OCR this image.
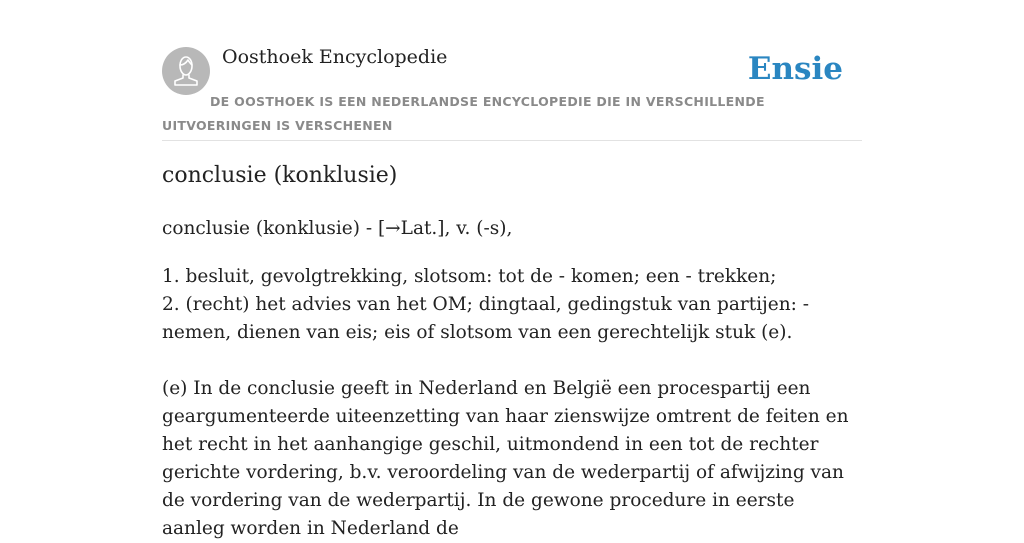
Oosthoek Encyclopedie	Ensie
DE OOSTHOEK IS EEN NEDERLANDSE ENCYCLOPEDIE DIE IN VERSCHILLENDE UITVOERINGEN IS VERSCHENEN
conclusie (konklusie)

conclusie (konklusie) - [→Lat.], v. (-s),

1. besluit, gevolgtrekking, slotsom: tot de - komen; een - trekken;
2. (recht) het advies van het OM; dingtaal, gedingstuk van partijen: - nemen, dienen van eis; eis of slotsom van een gerechtelijk stuk (e).

(e) In de conclusie geeft in Nederland en België een procespartij een geargumenteerde uiteenzetting van haar zienswijze omtrent de feiten en het recht in het aanhangige geschil, uitmondend in een tot de rechter gerichte vordering, b.v. veroordeling van de wederpartij of afwijzing van de vordering van de wederpartij. In de gewone procedure in eerste aanleg worden in Nederland de
